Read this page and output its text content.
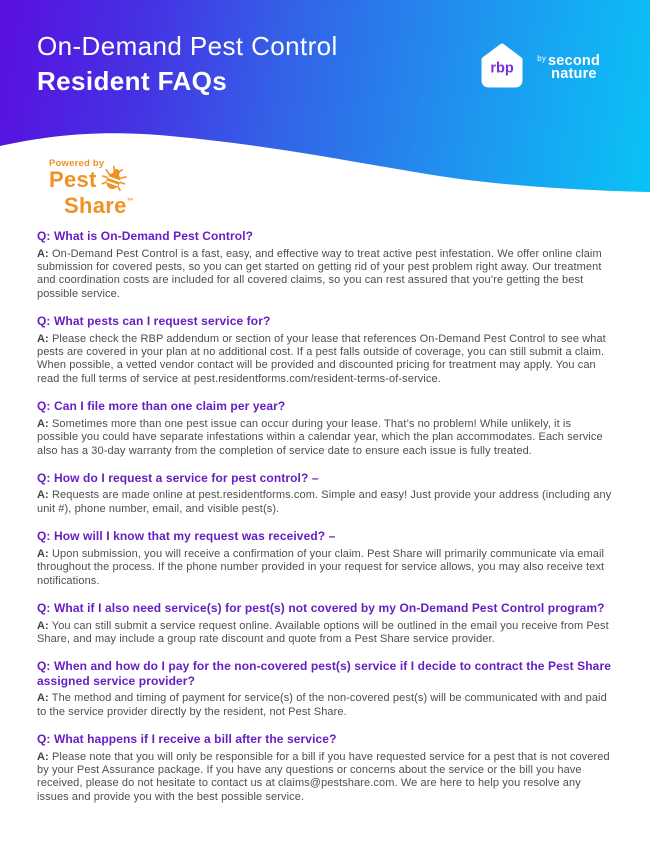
On-Demand Pest Control
Resident FAQs	rbp
$^{by}$ second
nature
Powered by
Pest
Share™
Q: What is On-Demand Pest Control?

A: On-Demand Pest Control is a fast, easy, and effective way to treat active pest infestation. We offer online claim submission for covered pests, so you can get started on getting rid of your pest problem right away. Our treatment and coordination costs are included for all covered claims, so you can rest assured that you’re getting the best possible service.

Q: What pests can I request service for?

A: Please check the RBP addendum or section of your lease that references On-Demand Pest Control to see what pests are covered in your plan at no additional cost. If a pest falls outside of coverage, you can still submit a claim. When possible, a vetted vendor contact will be provided and discounted pricing for treatment may apply. You can read the full terms of service at pest.residentforms.com/resident-terms-of-service.

Q: Can I file more than one claim per year?

A: Sometimes more than one pest issue can occur during your lease. That’s no problem! While unlikely, it is possible you could have separate infestations within a calendar year, which the plan accommodates. Each service also has a 30-day warranty from the completion of service date to ensure each issue is fully treated.

Q: How do I request a service for pest control? –

A: Requests are made online at pest.residentforms.com. Simple and easy! Just provide your address (including any unit #), phone number, email, and visible pest(s).

Q: How will I know that my request was received? –

A: Upon submission, you will receive a confirmation of your claim. Pest Share will primarily communicate via email throughout the process. If the phone number provided in your request for service allows, you may also receive text notifications.

Q: What if I also need service(s) for pest(s) not covered by my On-Demand Pest Control program?

A: You can still submit a service request online. Available options will be outlined in the email you receive from Pest Share, and may include a group rate discount and quote from a Pest Share service provider.

Q: When and how do I pay for the non-covered pest(s) service if I decide to contract the Pest Share assigned service provider?

A: The method and timing of payment for service(s) of the non-covered pest(s) will be communicated with and paid to the service provider directly by the resident, not Pest Share.

Q: What happens if I receive a bill after the service?

A: Please note that you will only be responsible for a bill if you have requested service for a pest that is not covered by your Pest Assurance package. If you have any questions or concerns about the service or the bill you have received, please do not hesitate to contact us at claims@pestshare.com. We are here to help you resolve any issues and provide you with the best possible service.
